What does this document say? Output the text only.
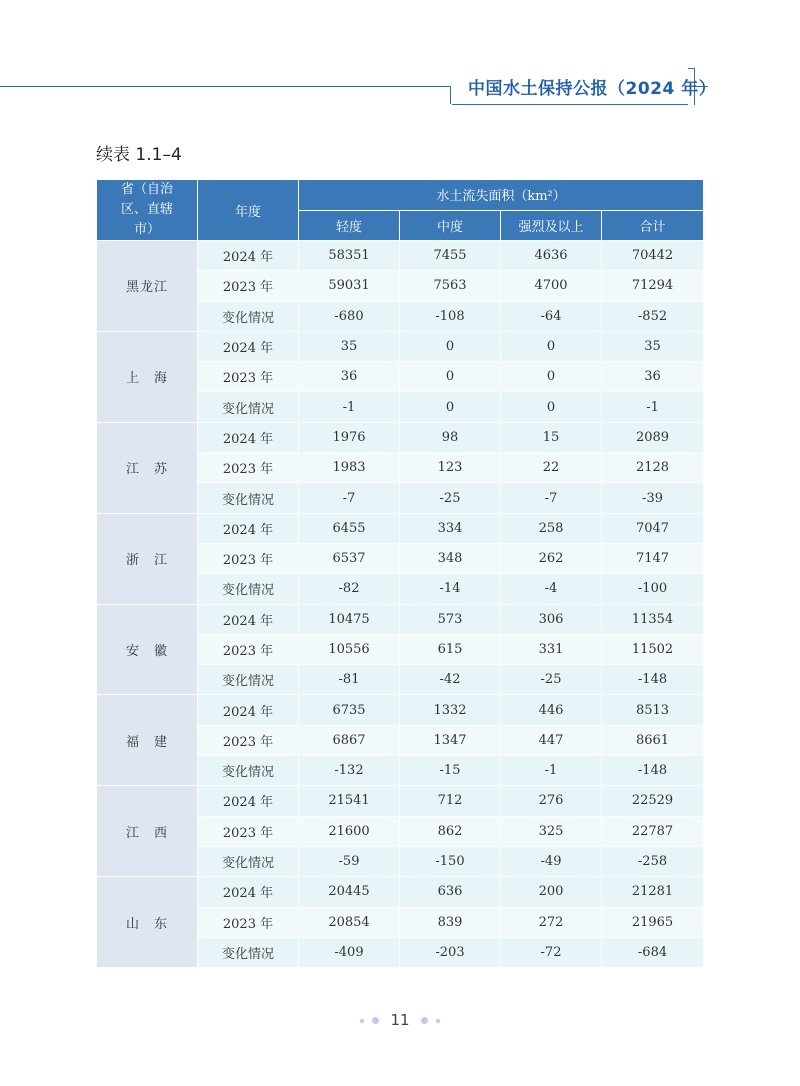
中国水土保持公报（2024 年）
续表 1.1–4
省（自治区、直辖市）	年度	水土流失面积（km²）			
		轻度	中度	强烈及以上	合计
黑龙江	2024 年	58351	7455	4636	70442
	2023 年	59031	7563	4700	71294
	变化情况	-680	-108	-64	-852
上　海	2024 年	35	0	0	35
	2023 年	36	0	0	36
	变化情况	-1	0	0	-1
江　苏	2024 年	1976	98	15	2089
	2023 年	1983	123	22	2128
	变化情况	-7	-25	-7	-39
浙　江	2024 年	6455	334	258	7047
	2023 年	6537	348	262	7147
	变化情况	-82	-14	-4	-100
安　徽	2024 年	10475	573	306	11354
	2023 年	10556	615	331	11502
	变化情况	-81	-42	-25	-148
福　建	2024 年	6735	1332	446	8513
	2023 年	6867	1347	447	8661
	变化情况	-132	-15	-1	-148
江　西	2024 年	21541	712	276	22529
	2023 年	21600	862	325	22787
	变化情况	-59	-150	-49	-258
山　东	2024 年	20445	636	200	21281
	2023 年	20854	839	272	21965
	变化情况	-409	-203	-72	-684
11
